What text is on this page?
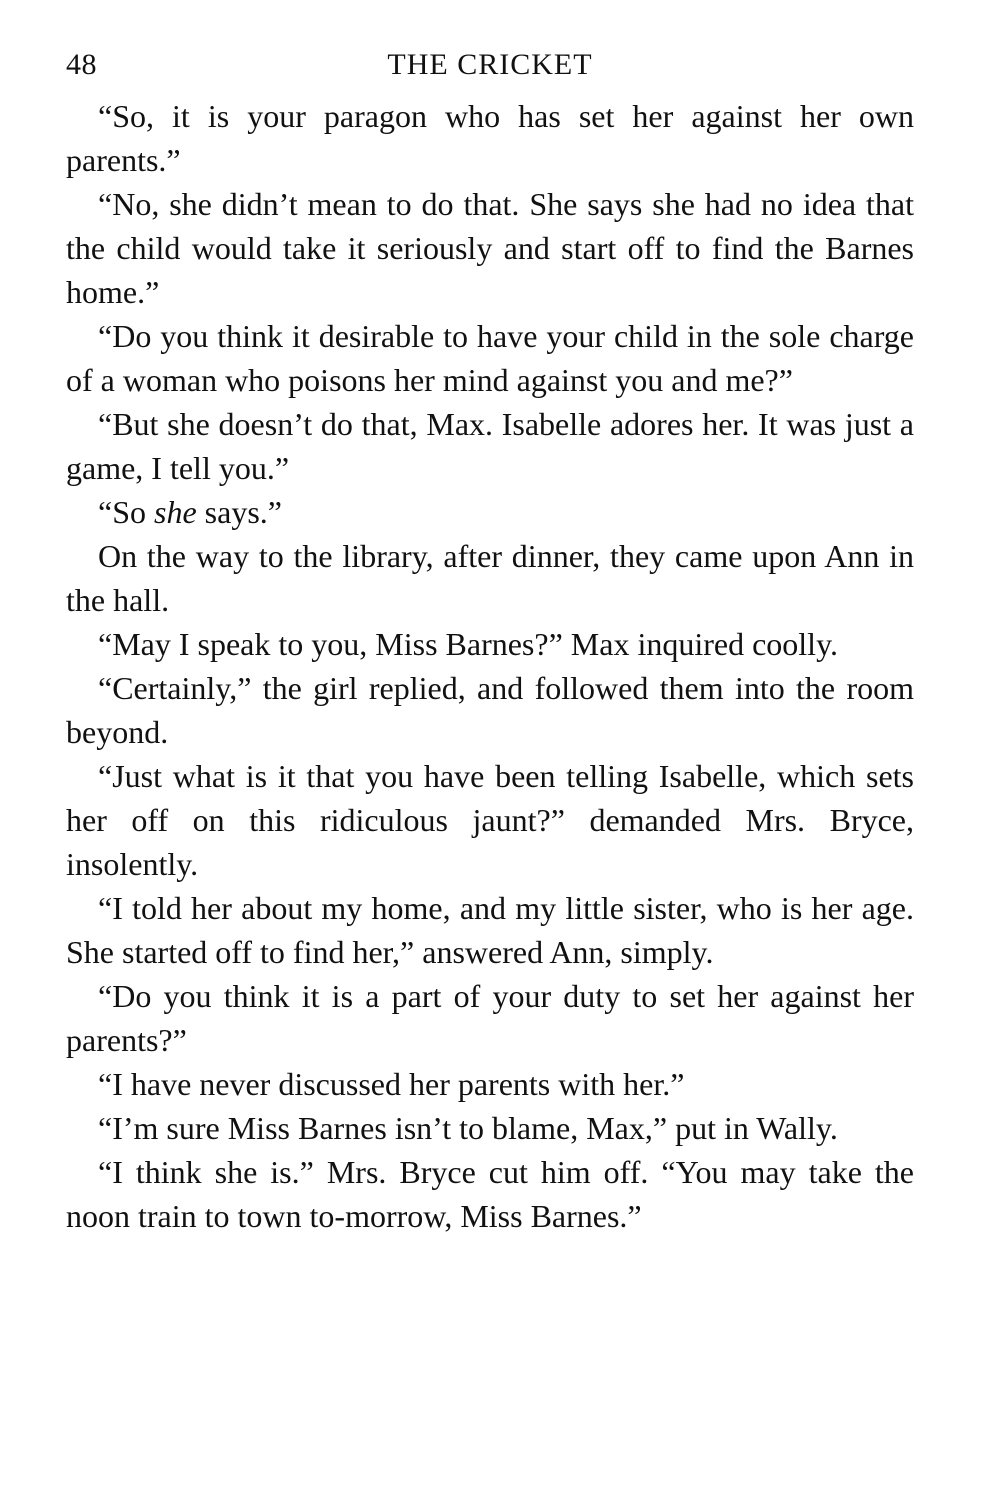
48	THE CRICKET

“So, it is your paragon who has set her against her own parents.”

“No, she didn’t mean to do that. She says she had no idea that the child would take it seriously and start off to find the Barnes home.”

“Do you think it desirable to have your child in the sole charge of a woman who poisons her mind against you and me?”

“But she doesn’t do that, Max. Isabelle adores her. It was just a game, I tell you.”

“So she says.”

On the way to the library, after dinner, they came upon Ann in the hall.

“May I speak to you, Miss Barnes?” Max inquired coolly.

“Certainly,” the girl replied, and followed them into the room beyond.

“Just what is it that you have been telling Isabelle, which sets her off on this ridiculous jaunt?” demanded Mrs. Bryce, insolently.

“I told her about my home, and my little sister, who is her age. She started off to find her,” answered Ann, simply.

“Do you think it is a part of your duty to set her against her parents?”

“I have never discussed her parents with her.”

“I’m sure Miss Barnes isn’t to blame, Max,” put in Wally.

“I think she is.” Mrs. Bryce cut him off. “You may take the noon train to town to-morrow, Miss Barnes.”
